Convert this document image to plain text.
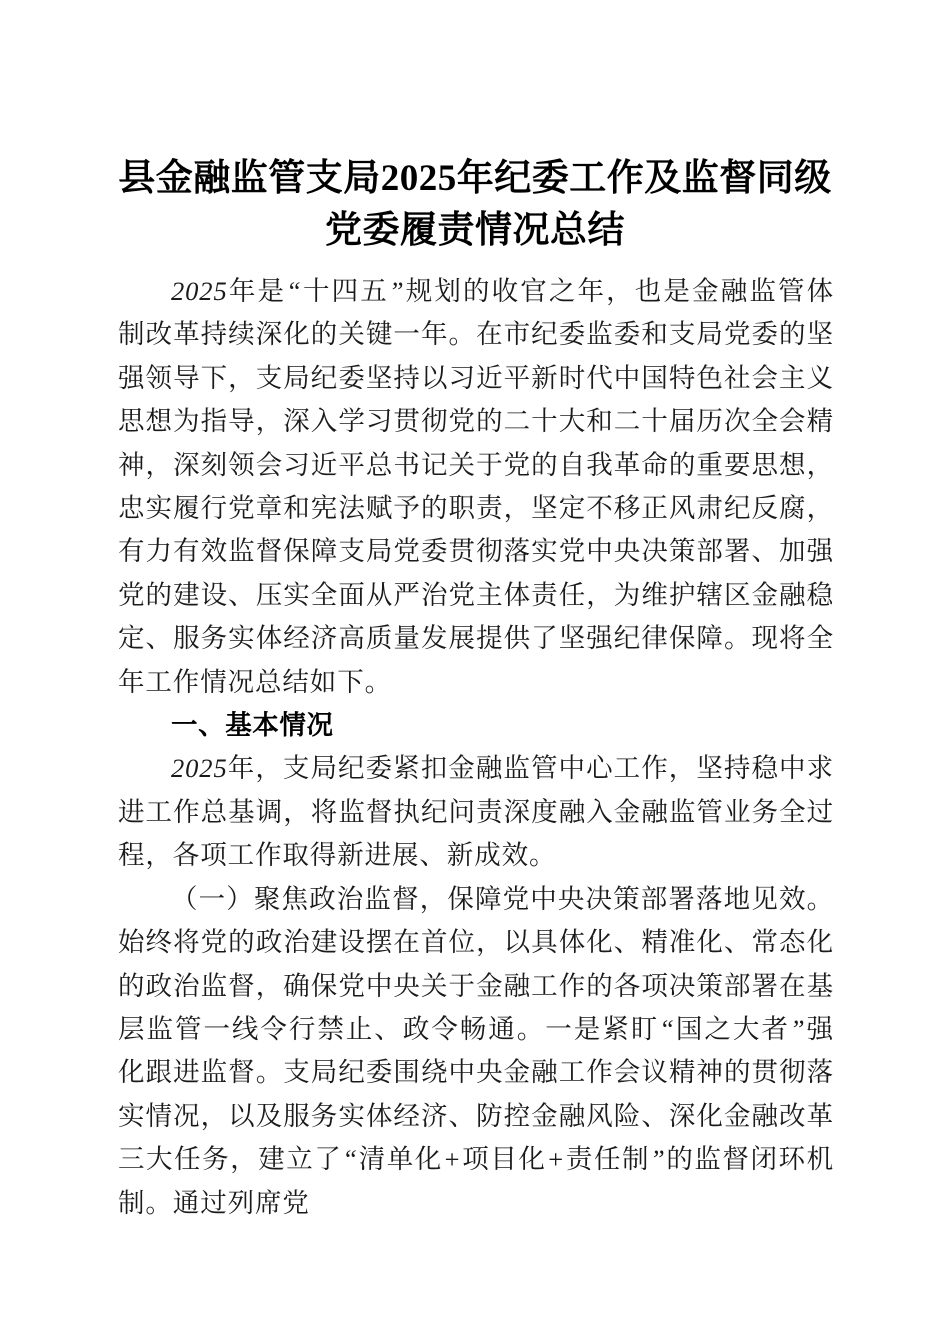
县金融监管支局2025年纪委工作及监督同级党委履责情况总结

2025年是“十四五”规划的收官之年，也是金融监管体制改革持续深化的关键一年。在市纪委监委和支局党委的坚强领导下，支局纪委坚持以习近平新时代中国特色社会主义思想为指导，深入学习贯彻党的二十大和二十届历次全会精神，深刻领会习近平总书记关于党的自我革命的重要思想，忠实履行党章和宪法赋予的职责，坚定不移正风肃纪反腐，有力有效监督保障支局党委贯彻落实党中央决策部署、加强党的建设、压实全面从严治党主体责任，为维护辖区金融稳定、服务实体经济高质量发展提供了坚强纪律保障。现将全年工作情况总结如下。

一、基本情况

2025年，支局纪委紧扣金融监管中心工作，坚持稳中求进工作总基调，将监督执纪问责深度融入金融监管业务全过程，各项工作取得新进展、新成效。

（一）聚焦政治监督，保障党中央决策部署落地见效。始终将党的政治建设摆在首位，以具体化、精准化、常态化的政治监督，确保党中央关于金融工作的各项决策部署在基层监管一线令行禁止、政令畅通。一是紧盯“国之大者”强化跟进监督。支局纪委围绕中央金融工作会议精神的贯彻落实情况，以及服务实体经济、防控金融风险、深化金融改革三大任务，建立了“清单化+项目化+责任制”的监督闭环机制。通过列席党
